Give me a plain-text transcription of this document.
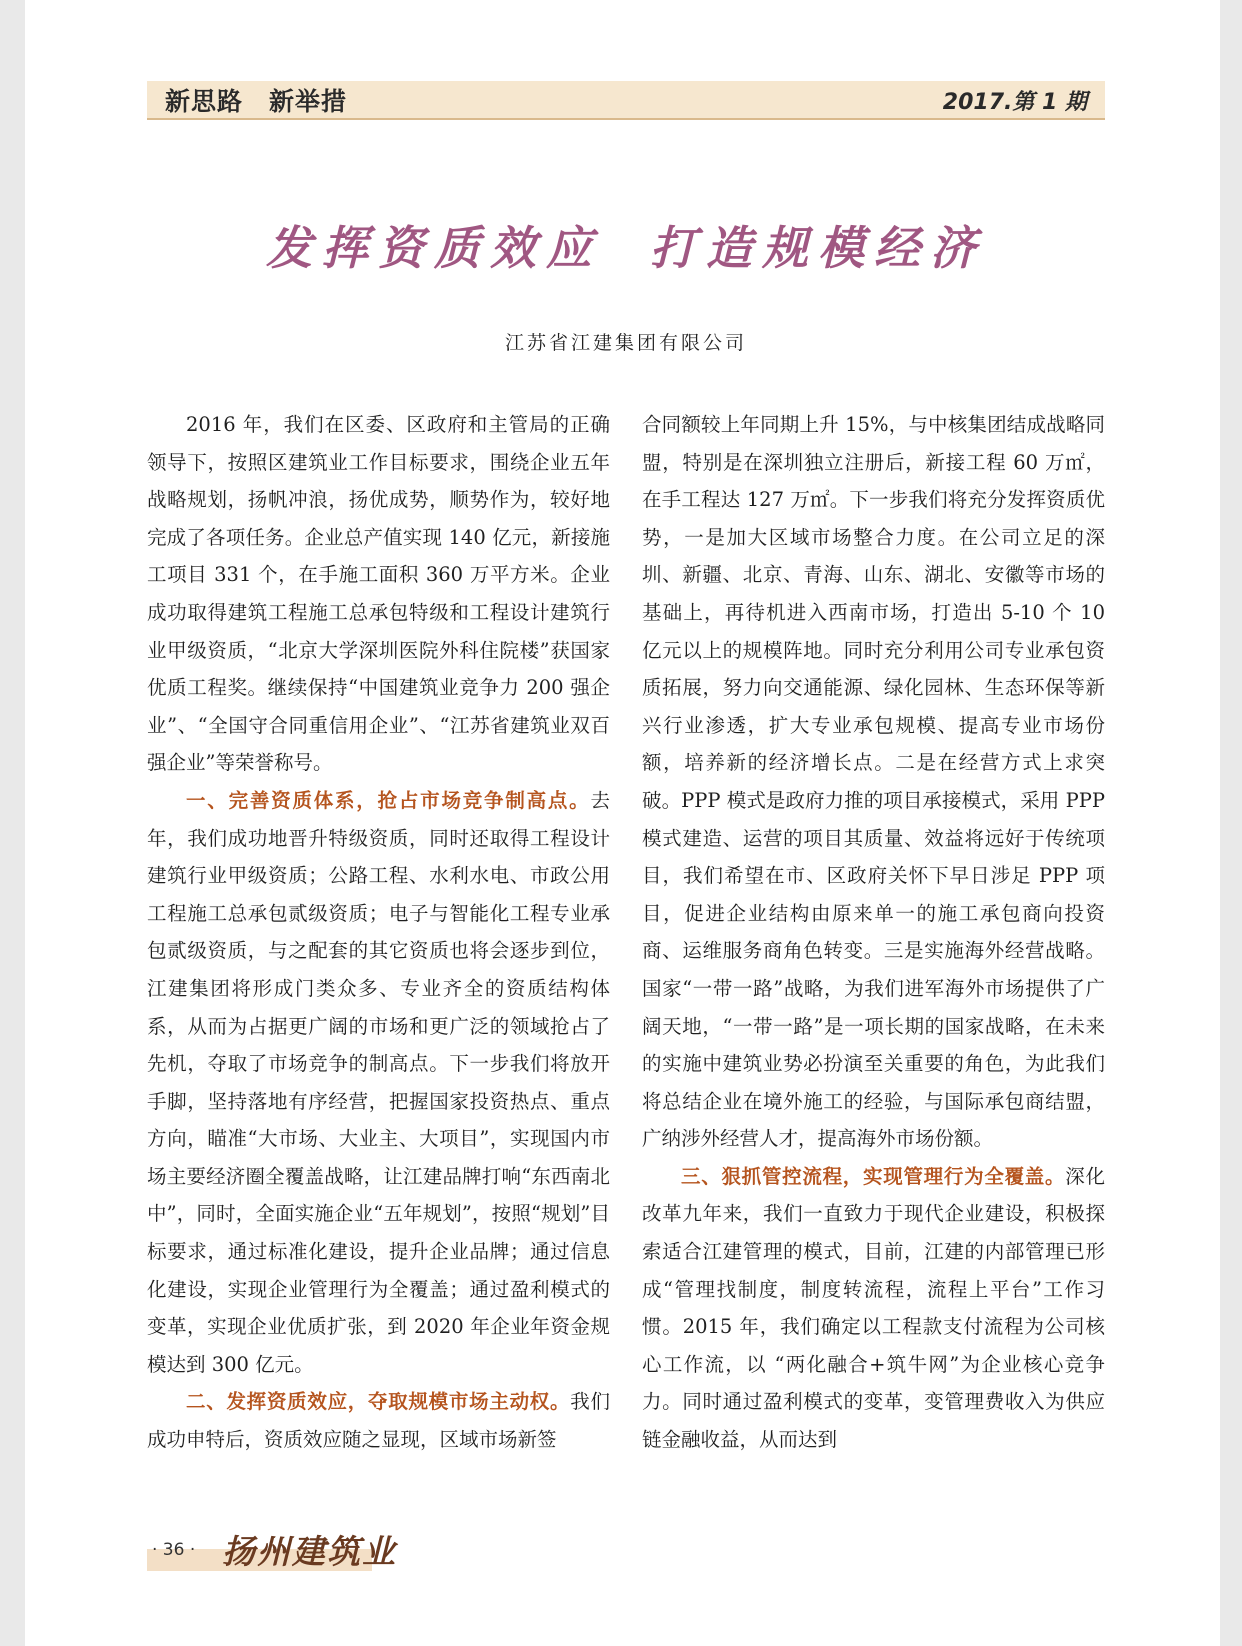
新思路 新举措	2017.第 1 期
发挥资质效应 打造规模经济
江苏省江建集团有限公司

2016 年，我们在区委、区政府和主管局的正确领导下，按照区建筑业工作目标要求，围绕企业五年战略规划，扬帆冲浪，扬优成势，顺势作为，较好地完成了各项任务。企业总产值实现 140 亿元，新接施工项目 331 个，在手施工面积 360 万平方米。企业成功取得建筑工程施工总承包特级和工程设计建筑行业甲级资质，“北京大学深圳医院外科住院楼”获国家优质工程奖。继续保持“中国建筑业竞争力 200 强企业”、“全国守合同重信用企业”、“江苏省建筑业双百强企业”等荣誉称号。

一、完善资质体系，抢占市场竞争制高点。去年，我们成功地晋升特级资质，同时还取得工程设计建筑行业甲级资质；公路工程、水利水电、市政公用工程施工总承包贰级资质；电子与智能化工程专业承包贰级资质，与之配套的其它资质也将会逐步到位，江建集团将形成门类众多、专业齐全的资质结构体系，从而为占据更广阔的市场和更广泛的领域抢占了先机，夺取了市场竞争的制高点。下一步我们将放开手脚，坚持落地有序经营，把握国家投资热点、重点方向，瞄准“大市场、大业主、大项目”，实现国内市场主要经济圈全覆盖战略，让江建品牌打响“东西南北中”，同时，全面实施企业“五年规划”，按照“规划”目标要求，通过标准化建设，提升企业品牌；通过信息化建设，实现企业管理行为全覆盖；通过盈利模式的变革，实现企业优质扩张，到 2020 年企业年资金规模达到 300 亿元。

二、发挥资质效应，夺取规模市场主动权。我们成功申特后，资质效应随之显现，区域市场新签

合同额较上年同期上升 15%，与中核集团结成战略同盟，特别是在深圳独立注册后，新接工程 60 万㎡，在手工程达 127 万㎡。下一步我们将充分发挥资质优势，一是加大区域市场整合力度。在公司立足的深圳、新疆、北京、青海、山东、湖北、安徽等市场的基础上，再待机进入西南市场，打造出 5-10 个 10 亿元以上的规模阵地。同时充分利用公司专业承包资质拓展，努力向交通能源、绿化园林、生态环保等新兴行业渗透，扩大专业承包规模、提高专业市场份额，培养新的经济增长点。二是在经营方式上求突破。PPP 模式是政府力推的项目承接模式，采用 PPP 模式建造、运营的项目其质量、效益将远好于传统项目，我们希望在市、区政府关怀下早日涉足 PPP 项目，促进企业结构由原来单一的施工承包商向投资商、运维服务商角色转变。三是实施海外经营战略。国家“一带一路”战略，为我们进军海外市场提供了广阔天地，“一带一路”是一项长期的国家战略，在未来的实施中建筑业势必扮演至关重要的角色，为此我们将总结企业在境外施工的经验，与国际承包商结盟，广纳涉外经营人才，提高海外市场份额。

三、狠抓管控流程，实现管理行为全覆盖。深化改革九年来，我们一直致力于现代企业建设，积极探索适合江建管理的模式，目前，江建的内部管理已形成“管理找制度，制度转流程，流程上平台”工作习惯。2015 年，我们确定以工程款支付流程为公司核心工作流，以 “两化融合+筑牛网”为企业核心竞争力。同时通过盈利模式的变革，变管理费收入为供应链金融收益，从而达到

· 36 · 扬州建筑业
